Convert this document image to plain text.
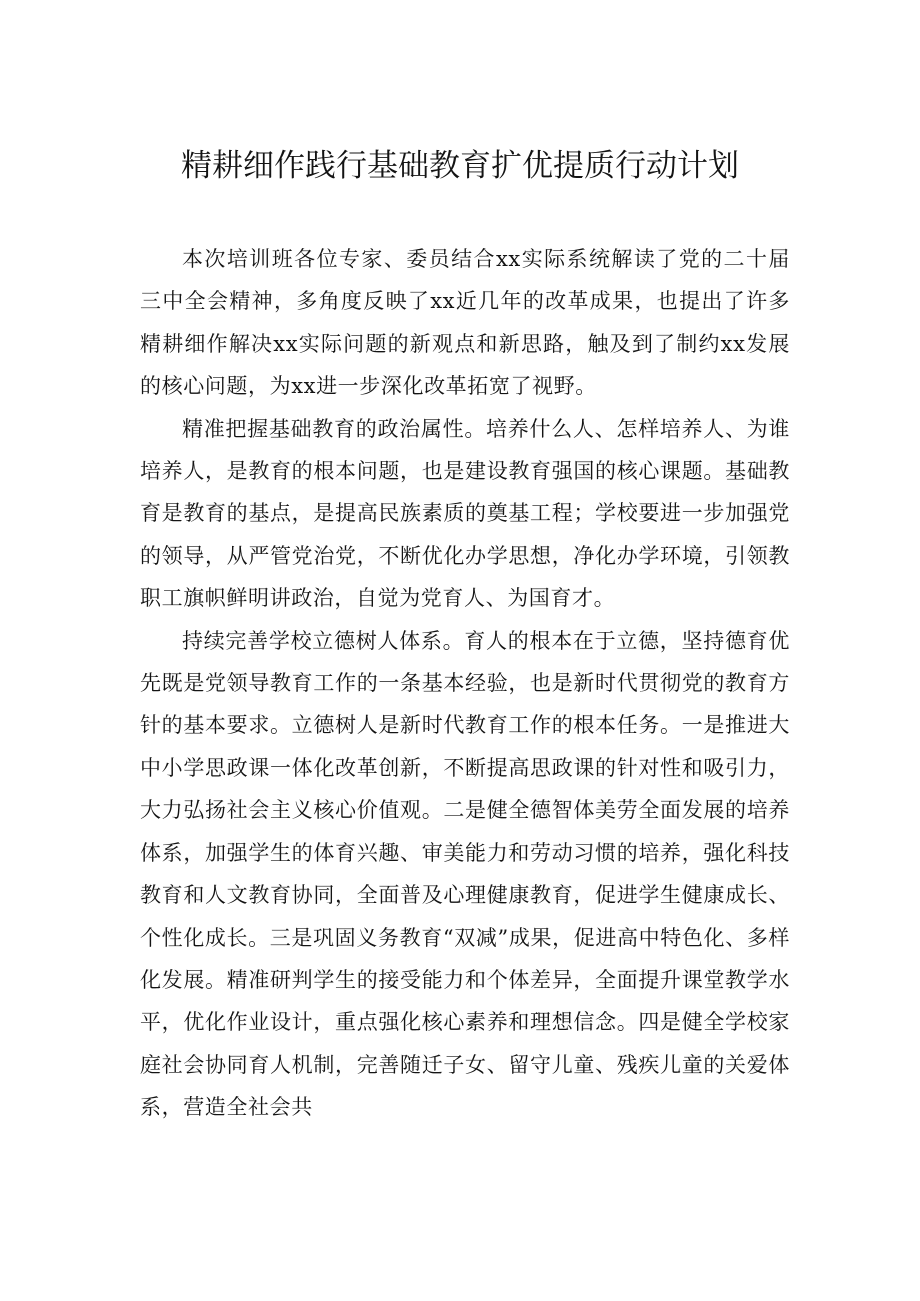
精耕细作践行基础教育扩优提质行动计划

本次培训班各位专家、委员结合xx实际系统解读了党的二十届三中全会精神，多角度反映了xx近几年的改革成果，也提出了许多精耕细作解决xx实际问题的新观点和新思路，触及到了制约xx发展的核心问题，为xx进一步深化改革拓宽了视野。

精准把握基础教育的政治属性。培养什么人、怎样培养人、为谁培养人，是教育的根本问题，也是建设教育强国的核心课题。基础教育是教育的基点，是提高民族素质的奠基工程；学校要进一步加强党的领导，从严管党治党，不断优化办学思想，净化办学环境，引领教职工旗帜鲜明讲政治，自觉为党育人、为国育才。

持续完善学校立德树人体系。育人的根本在于立德，坚持德育优先既是党领导教育工作的一条基本经验，也是新时代贯彻党的教育方针的基本要求。立德树人是新时代教育工作的根本任务。一是推进大中小学思政课一体化改革创新，不断提高思政课的针对性和吸引力，大力弘扬社会主义核心价值观。二是健全德智体美劳全面发展的培养体系，加强学生的体育兴趣、审美能力和劳动习惯的培养，强化科技教育和人文教育协同，全面普及心理健康教育，促进学生健康成长、个性化成长。三是巩固义务教育“双减”成果，促进高中特色化、多样化发展。精准研判学生的接受能力和个体差异，全面提升课堂教学水平，优化作业设计，重点强化核心素养和理想信念。四是健全学校家庭社会协同育人机制，完善随迁子女、留守儿童、残疾儿童的关爱体系，营造全社会共
